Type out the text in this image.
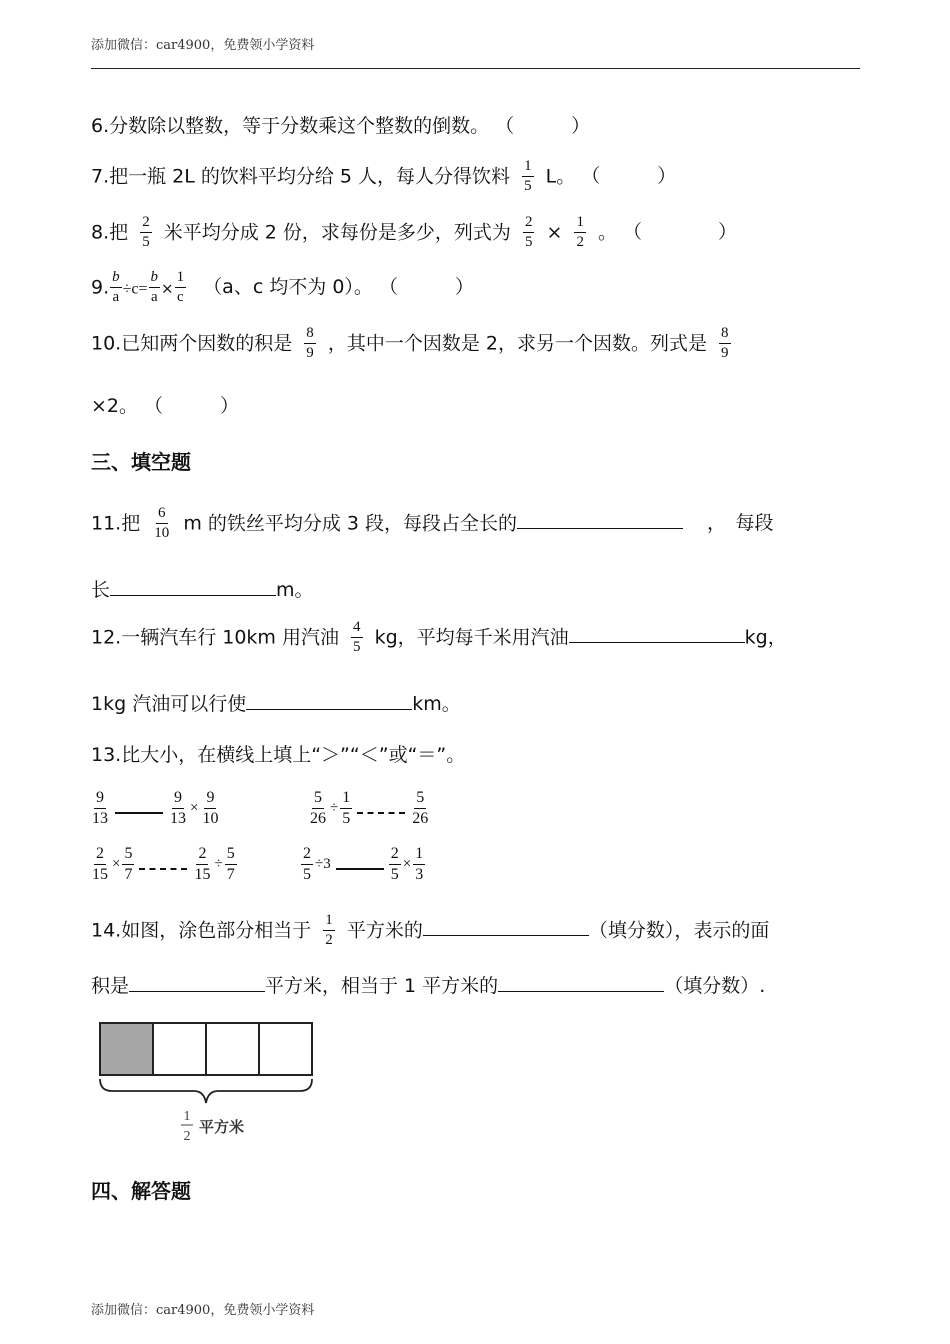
添加微信：car4900，免费领小学资料
6.分数除以整数，等于分数乘这个整数的倒数。 （　　　）
7.把一瓶 2L 的饮料平均分给 5 人，每人分得饮料 $\frac{1}{5}$ L。 （　　　）
8.把 $\frac{2}{5}$ 米平均分成 2 份，求每份是多少，列式为 $\frac{2}{5} \times \frac{1}{2}$ 。 （　　　　）
9. $\frac{b}{a} \div c= \frac{b}{a} \times \frac{1}{c} (a$、c 均不为 0）。 （　　　）
10.已知两个因数的积是 $\frac{8}{9}$ ，其中一个因数是 2，求另一个因数。列式是 $\frac{8}{9}$
×2。 （　　　）
三、填空题
11.把 $\frac{6}{10}$ m 的铁丝平均分成 3 段，每段占全长的	，　每段
长	m。
12.一辆汽车行 10km 用汽油 $\frac{4}{5}$ kg，平均每千米用汽油	kg，
1kg 汽油可以行使	km。
13.比大小，在横线上填上“＞”“＜”或“＝”。
$\frac{9}{13}$	$\frac{9}{13} \times \frac{9}{10}$	$\frac{5}{26} \div \frac{1}{5}$	$\frac{5}{26}$
$\frac{2}{15} \times \frac{5}{7}$	$\frac{2}{15} \div \frac{5}{7}$	$\frac{2}{5} \div 3$	$\frac{2}{5} \times \frac{1}{3}$
14.如图，涂色部分相当于 $\frac{1}{2}$ 平方米的	（填分数），表示的面
积是	平方米，相当于 1 平方米的	（填分数）.
1
2
平方米
四、解答题
添加微信：car4900，免费领小学资料
